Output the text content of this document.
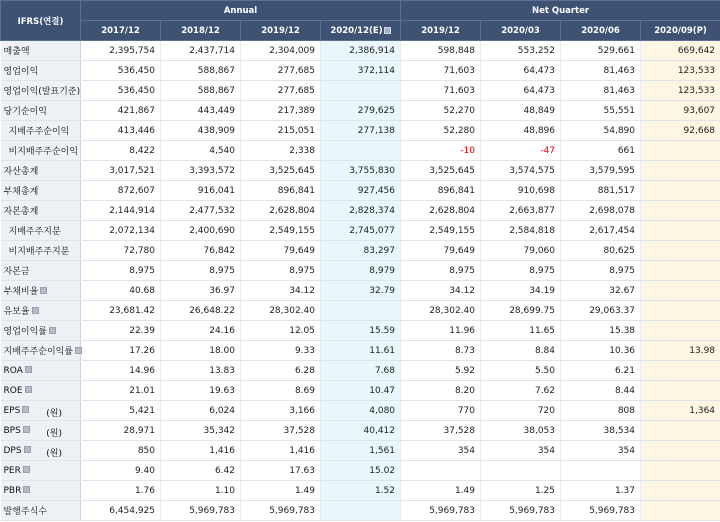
IFRS(연결)	Annual				Net Quarter			
	2017/12	2018/12	2019/12	2020/12(E)	2019/12	2020/03	2020/06	2020/09(P)
매출액	2,395,754	2,437,714	2,304,009	2,386,914	598,848	553,252	529,661	669,642
영업이익	536,450	588,867	277,685	372,114	71,603	64,473	81,463	123,533
영업이익(발표기준)	536,450	588,867	277,685		71,603	64,473	81,463	123,533
당기순이익	421,867	443,449	217,389	279,625	52,270	48,849	55,551	93,607
지배주주순이익	413,446	438,909	215,051	277,138	52,280	48,896	54,890	92,668
비지배주주순이익	8,422	4,540	2,338		-10	-47	661	
자산총계	3,017,521	3,393,572	3,525,645	3,755,830	3,525,645	3,574,575	3,579,595	
부채총계	872,607	916,041	896,841	927,456	896,841	910,698	881,517	
자본총계	2,144,914	2,477,532	2,628,804	2,828,374	2,628,804	2,663,877	2,698,078	
지배주주지분	2,072,134	2,400,690	2,549,155	2,745,077	2,549,155	2,584,818	2,617,454	
비지배주주지분	72,780	76,842	79,649	83,297	79,649	79,060	80,625	
자본금	8,975	8,975	8,975	8,979	8,975	8,975	8,975	
부채비율	40.68	36.97	34.12	32.79	34.12	34.19	32.67	
유보율	23,681.42	26,648.22	28,302.40		28,302.40	28,699.75	29,063.37	
영업이익률	22.39	24.16	12.05	15.59	11.96	11.65	15.38	
지배주주순이익률	17.26	18.00	9.33	11.61	8.73	8.84	10.36	13.98
ROA	14.96	13.83	6.28	7.68	5.92	5.50	6.21	
ROE	21.01	19.63	8.69	10.47	8.20	7.62	8.44	
EPS (원)	5,421	6,024	3,166	4,080	770	720	808	1,364
BPS (원)	28,971	35,342	37,528	40,412	37,528	38,053	38,534	
DPS (원)	850	1,416	1,416	1,561	354	354	354	
PER	9.40	6.42	17.63	15.02				
PBR	1.76	1.10	1.49	1.52	1.49	1.25	1.37	
발행주식수	6,454,925	5,969,783	5,969,783		5,969,783	5,969,783	5,969,783	
